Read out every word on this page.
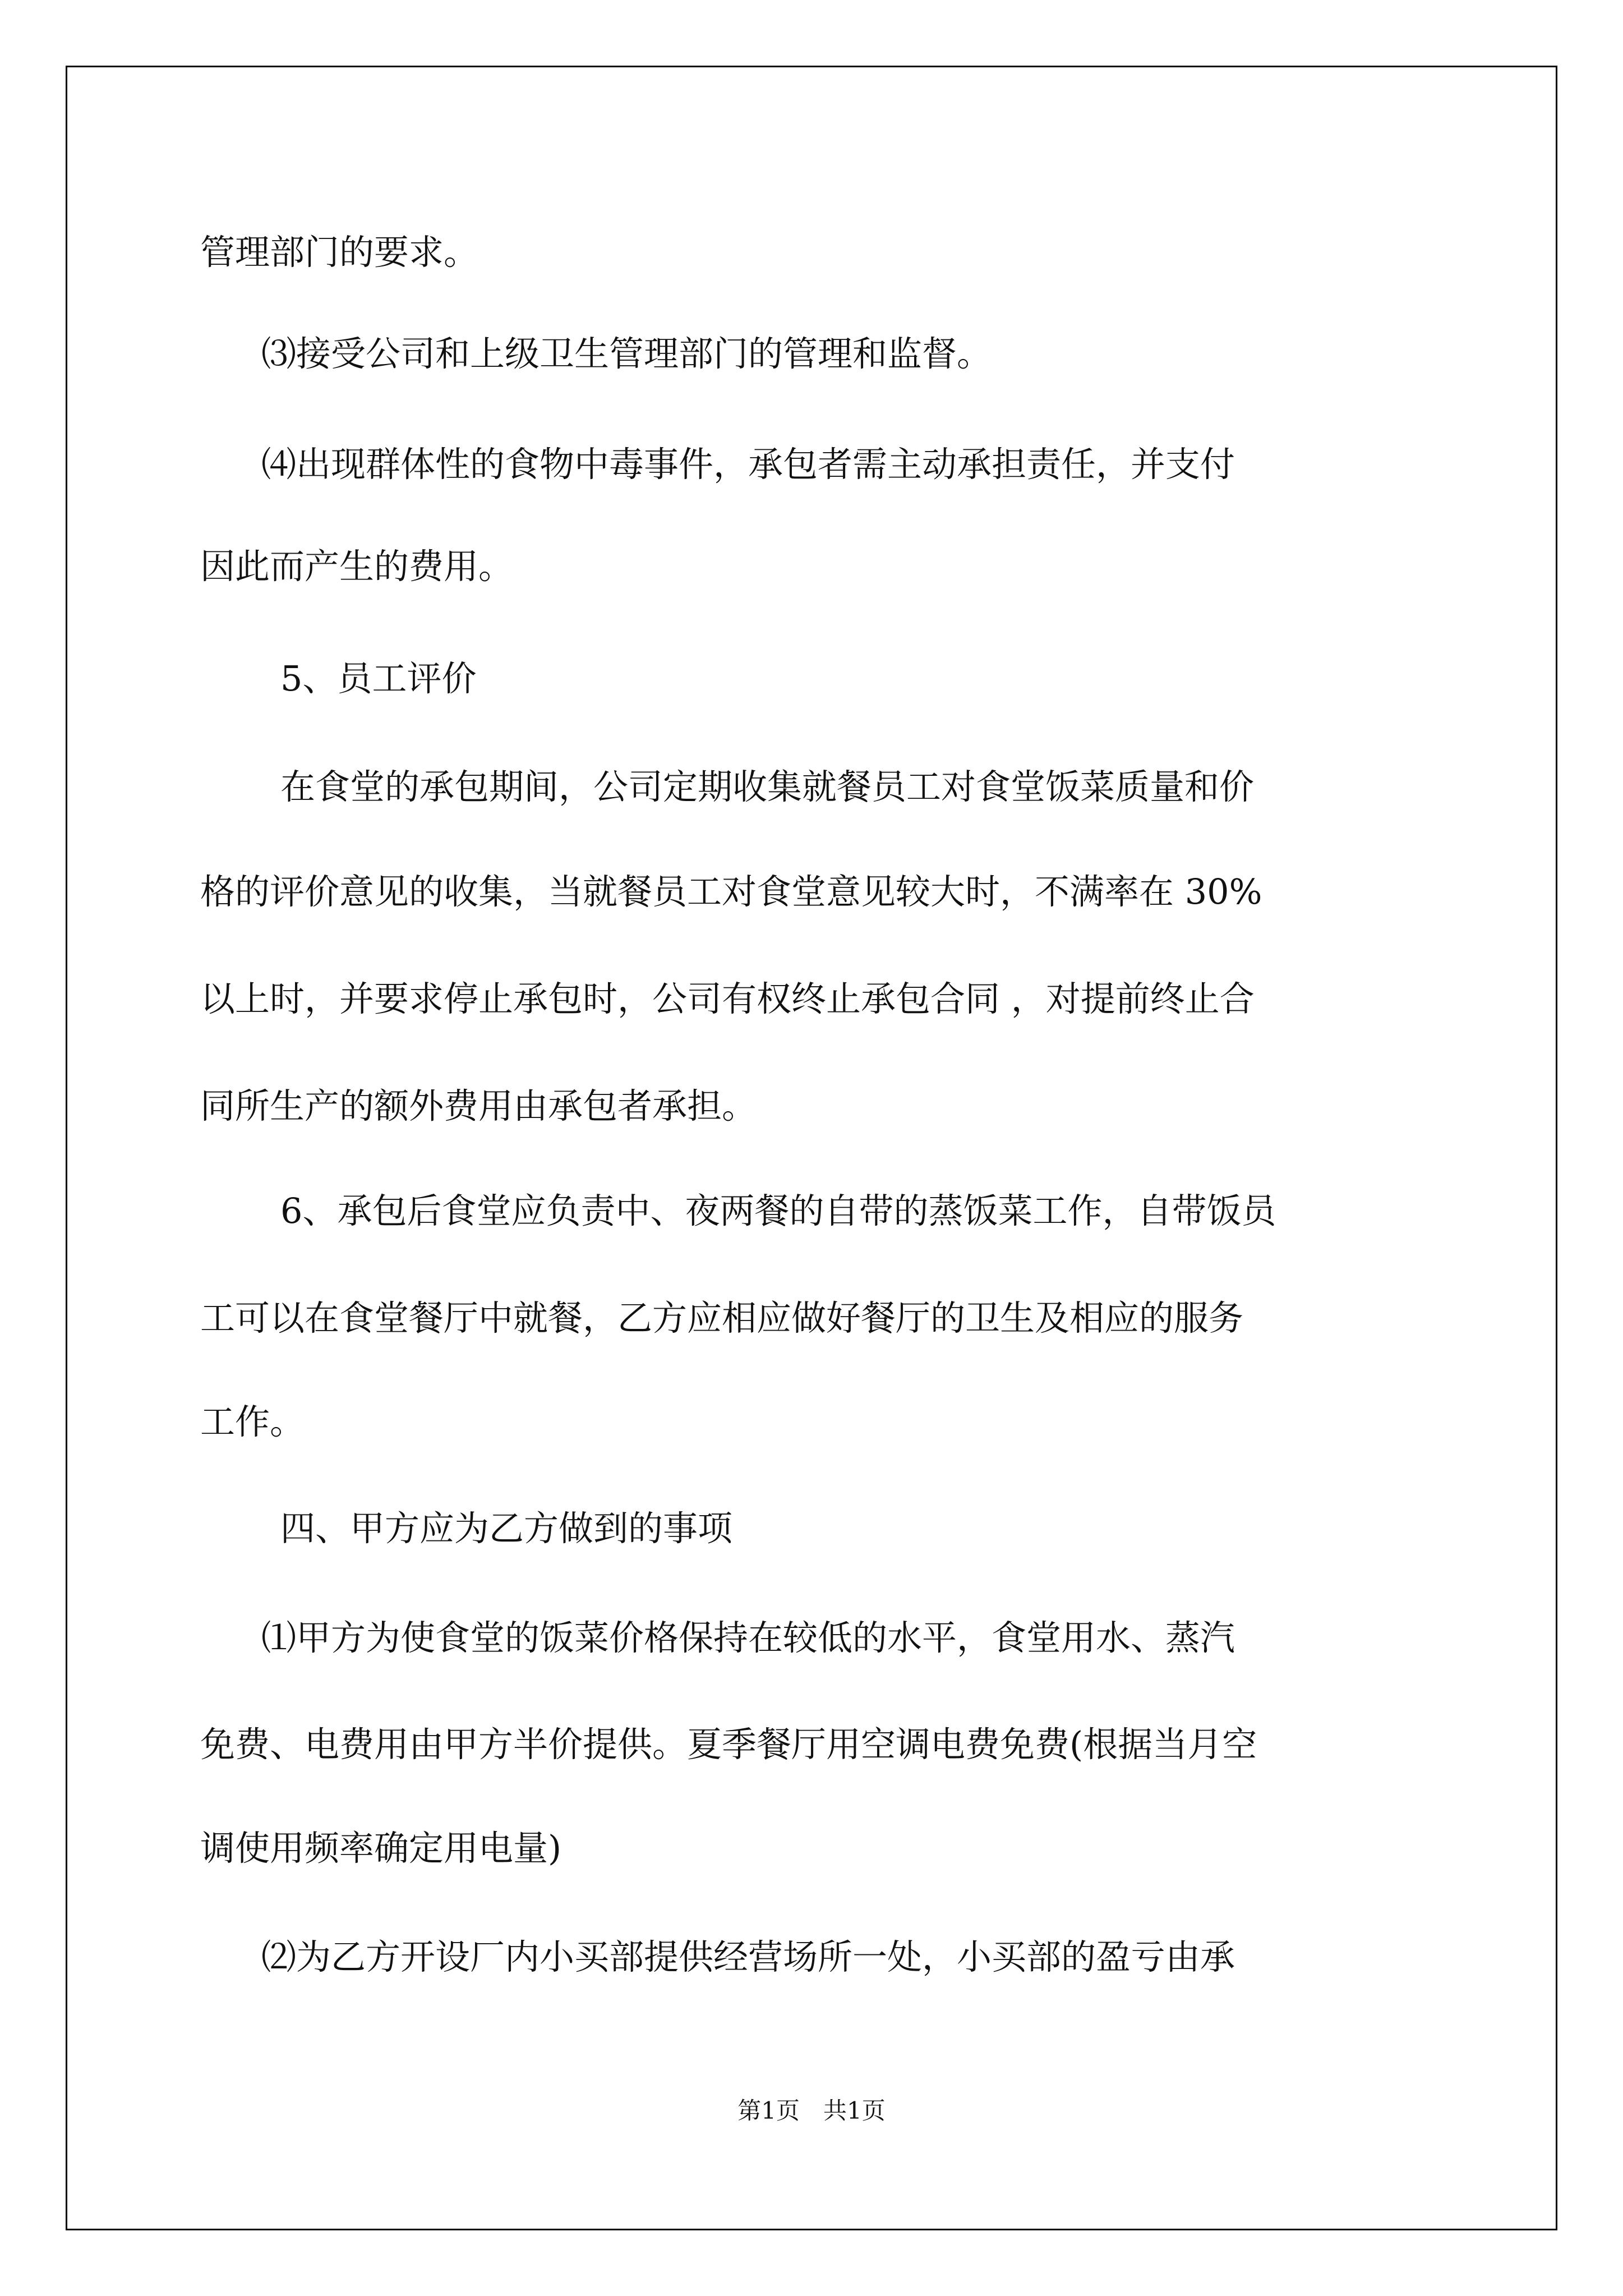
管理部门的要求。
⑶接受公司和上级卫生管理部门的管理和监督。
⑷出现群体性的食物中毒事件，承包者需主动承担责任，并支付
因此而产生的费用。
5、员工评价
在食堂的承包期间，公司定期收集就餐员工对食堂饭菜质量和价
格的评价意见的收集，当就餐员工对食堂意见较大时，不满率在 30%
以上时，并要求停止承包时，公司有权终止承包合同 ，对提前终止合
同所生产的额外费用由承包者承担。
6、承包后食堂应负责中、夜两餐的自带的蒸饭菜工作，自带饭员
工可以在食堂餐厅中就餐，乙方应相应做好餐厅的卫生及相应的服务
工作。
四、甲方应为乙方做到的事项
⑴甲方为使食堂的饭菜价格保持在较低的水平，食堂用水、蒸汽
免费、电费用由甲方半价提供。夏季餐厅用空调电费免费(根据当月空
调使用频率确定用电量)
⑵为乙方开设厂内小买部提供经营场所一处，小买部的盈亏由承
第1页　共1页
